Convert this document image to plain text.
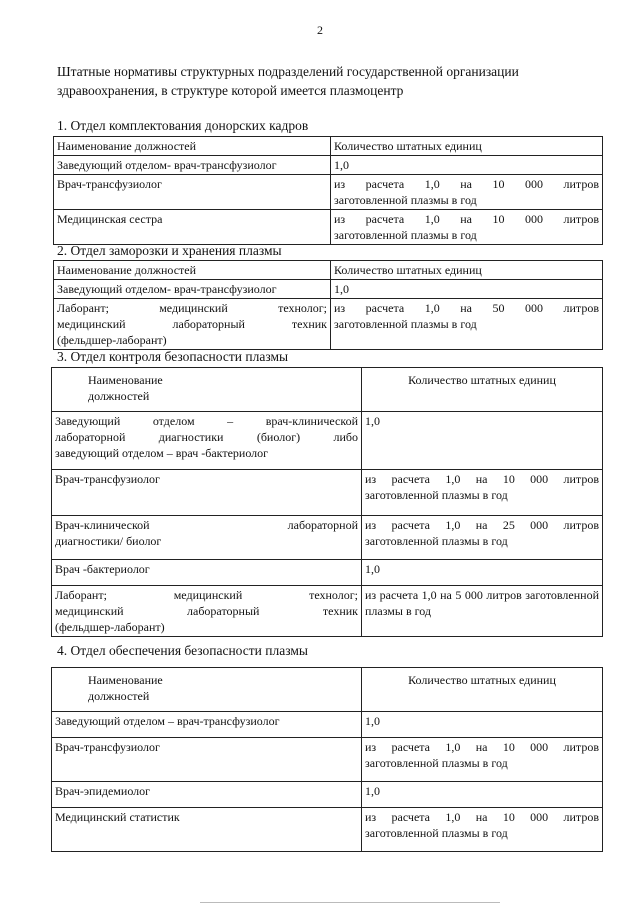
2
Штатные нормативы структурных подразделений государственной организации здравоохранения, в структуре которой имеется плазмоцентр
1. Отдел комплектования донорских кадров
Наименование должностей	Количество штатных единиц
Заведующий отделом- врач-трансфузиолог	1,0
Врач-трансфузиолог	из расчета 1,0 на 10 000 литров
заготовленной плазмы в год

Медицинская сестра	из расчета 1,0 на 10 000 литров
заготовленной плазмы в год
2. Отдел заморозки и хранения плазмы
Наименование должностей	Количество штатных единиц
Заведующий отделом- врач-трансфузиолог	1,0

Лаборант; медицинский технолог;
медицинский лабораторный техник
(фельдшер-лаборант)	из расчета 1,0 на 50 000 литров
заготовленной плазмы в год
3. Отдел контроля безопасности плазмы
Наименование
должностей	Количество штатных единиц

Заведующий отделом – врач-клинической
лабораторной диагностики (биолог) либо
заведующий отделом – врач -бактериолог	1,0
Врач-трансфузиолог	из расчета 1,0 на 10 000 литров
заготовленной плазмы в год

Врач-клинической лабораторной
диагностики/ биолог	из расчета 1,0 на 25 000 литров
заготовленной плазмы в год

Врач -бактериолог	1,0

Лаборант; медицинский технолог;
медицинский лабораторный техник
(фельдшер-лаборант)	из расчета 1,0 на 5 000 литров заготовленной
плазмы в год
4. Отдел обеспечения безопасности плазмы
Наименование
должностей	Количество штатных единиц
Заведующий отделом – врач-трансфузиолог	1,0
Врач-трансфузиолог	из расчета 1,0 на 10 000 литров
заготовленной плазмы в год

Врач-эпидемиолог	1,0
Медицинский статистик	из расчета 1,0 на 10 000 литров
заготовленной плазмы в год
